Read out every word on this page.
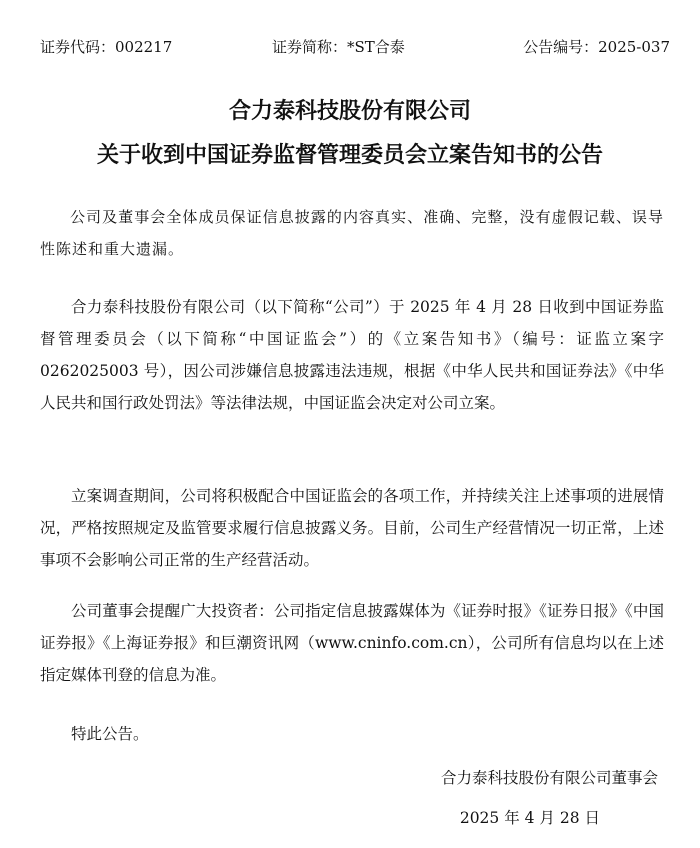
证券代码：002217	证券简称：*ST合泰	公告编号：2025-037
合力泰科技股份有限公司
关于收到中国证券监督管理委员会立案告知书的公告

公司及董事会全体成员保证信息披露的内容真实、准确、完整，没有虚假记载、误导性陈述和重大遗漏。

合力泰科技股份有限公司（以下简称“公司”）于 2025 年 4 月 28 日收到中国证券监督管理委员会（以下简称“中国证监会”）的《立案告知书》（编号：证监立案字 0262025003 号），因公司涉嫌信息披露违法违规，根据《中华人民共和国证券法》《中华人民共和国行政处罚法》等法律法规，中国证监会决定对公司立案。

立案调查期间，公司将积极配合中国证监会的各项工作，并持续关注上述事项的进展情况，严格按照规定及监管要求履行信息披露义务。目前，公司生产经营情况一切正常，上述事项不会影响公司正常的生产经营活动。

公司董事会提醒广大投资者：公司指定信息披露媒体为《证券时报》《证券日报》《中国证券报》《上海证券报》和巨潮资讯网（www.cninfo.com.cn），公司所有信息均以在上述指定媒体刊登的信息为准。

特此公告。

合力泰科技股份有限公司董事会
2025 年 4 月 28 日
